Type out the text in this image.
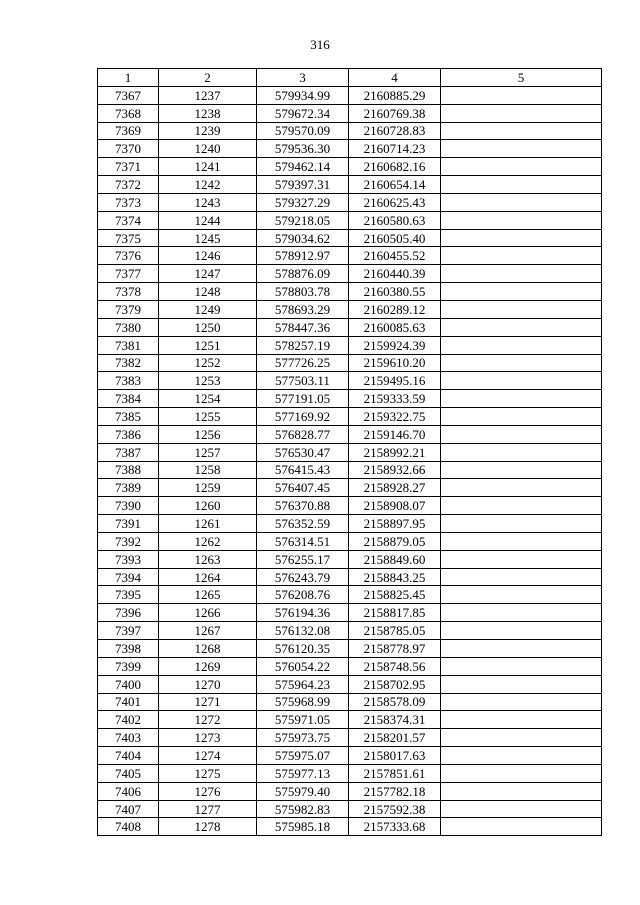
316
1	2	3	4	5
7367	1237	579934.99	2160885.29	
7368	1238	579672.34	2160769.38	
7369	1239	579570.09	2160728.83	
7370	1240	579536.30	2160714.23	
7371	1241	579462.14	2160682.16	
7372	1242	579397.31	2160654.14	
7373	1243	579327.29	2160625.43	
7374	1244	579218.05	2160580.63	
7375	1245	579034.62	2160505.40	
7376	1246	578912.97	2160455.52	
7377	1247	578876.09	2160440.39	
7378	1248	578803.78	2160380.55	
7379	1249	578693.29	2160289.12	
7380	1250	578447.36	2160085.63	
7381	1251	578257.19	2159924.39	
7382	1252	577726.25	2159610.20	
7383	1253	577503.11	2159495.16	
7384	1254	577191.05	2159333.59	
7385	1255	577169.92	2159322.75	
7386	1256	576828.77	2159146.70	
7387	1257	576530.47	2158992.21	
7388	1258	576415.43	2158932.66	
7389	1259	576407.45	2158928.27	
7390	1260	576370.88	2158908.07	
7391	1261	576352.59	2158897.95	
7392	1262	576314.51	2158879.05	
7393	1263	576255.17	2158849.60	
7394	1264	576243.79	2158843.25	
7395	1265	576208.76	2158825.45	
7396	1266	576194.36	2158817.85	
7397	1267	576132.08	2158785.05	
7398	1268	576120.35	2158778.97	
7399	1269	576054.22	2158748.56	
7400	1270	575964.23	2158702.95	
7401	1271	575968.99	2158578.09	
7402	1272	575971.05	2158374.31	
7403	1273	575973.75	2158201.57	
7404	1274	575975.07	2158017.63	
7405	1275	575977.13	2157851.61	
7406	1276	575979.40	2157782.18	
7407	1277	575982.83	2157592.38	
7408	1278	575985.18	2157333.68	
